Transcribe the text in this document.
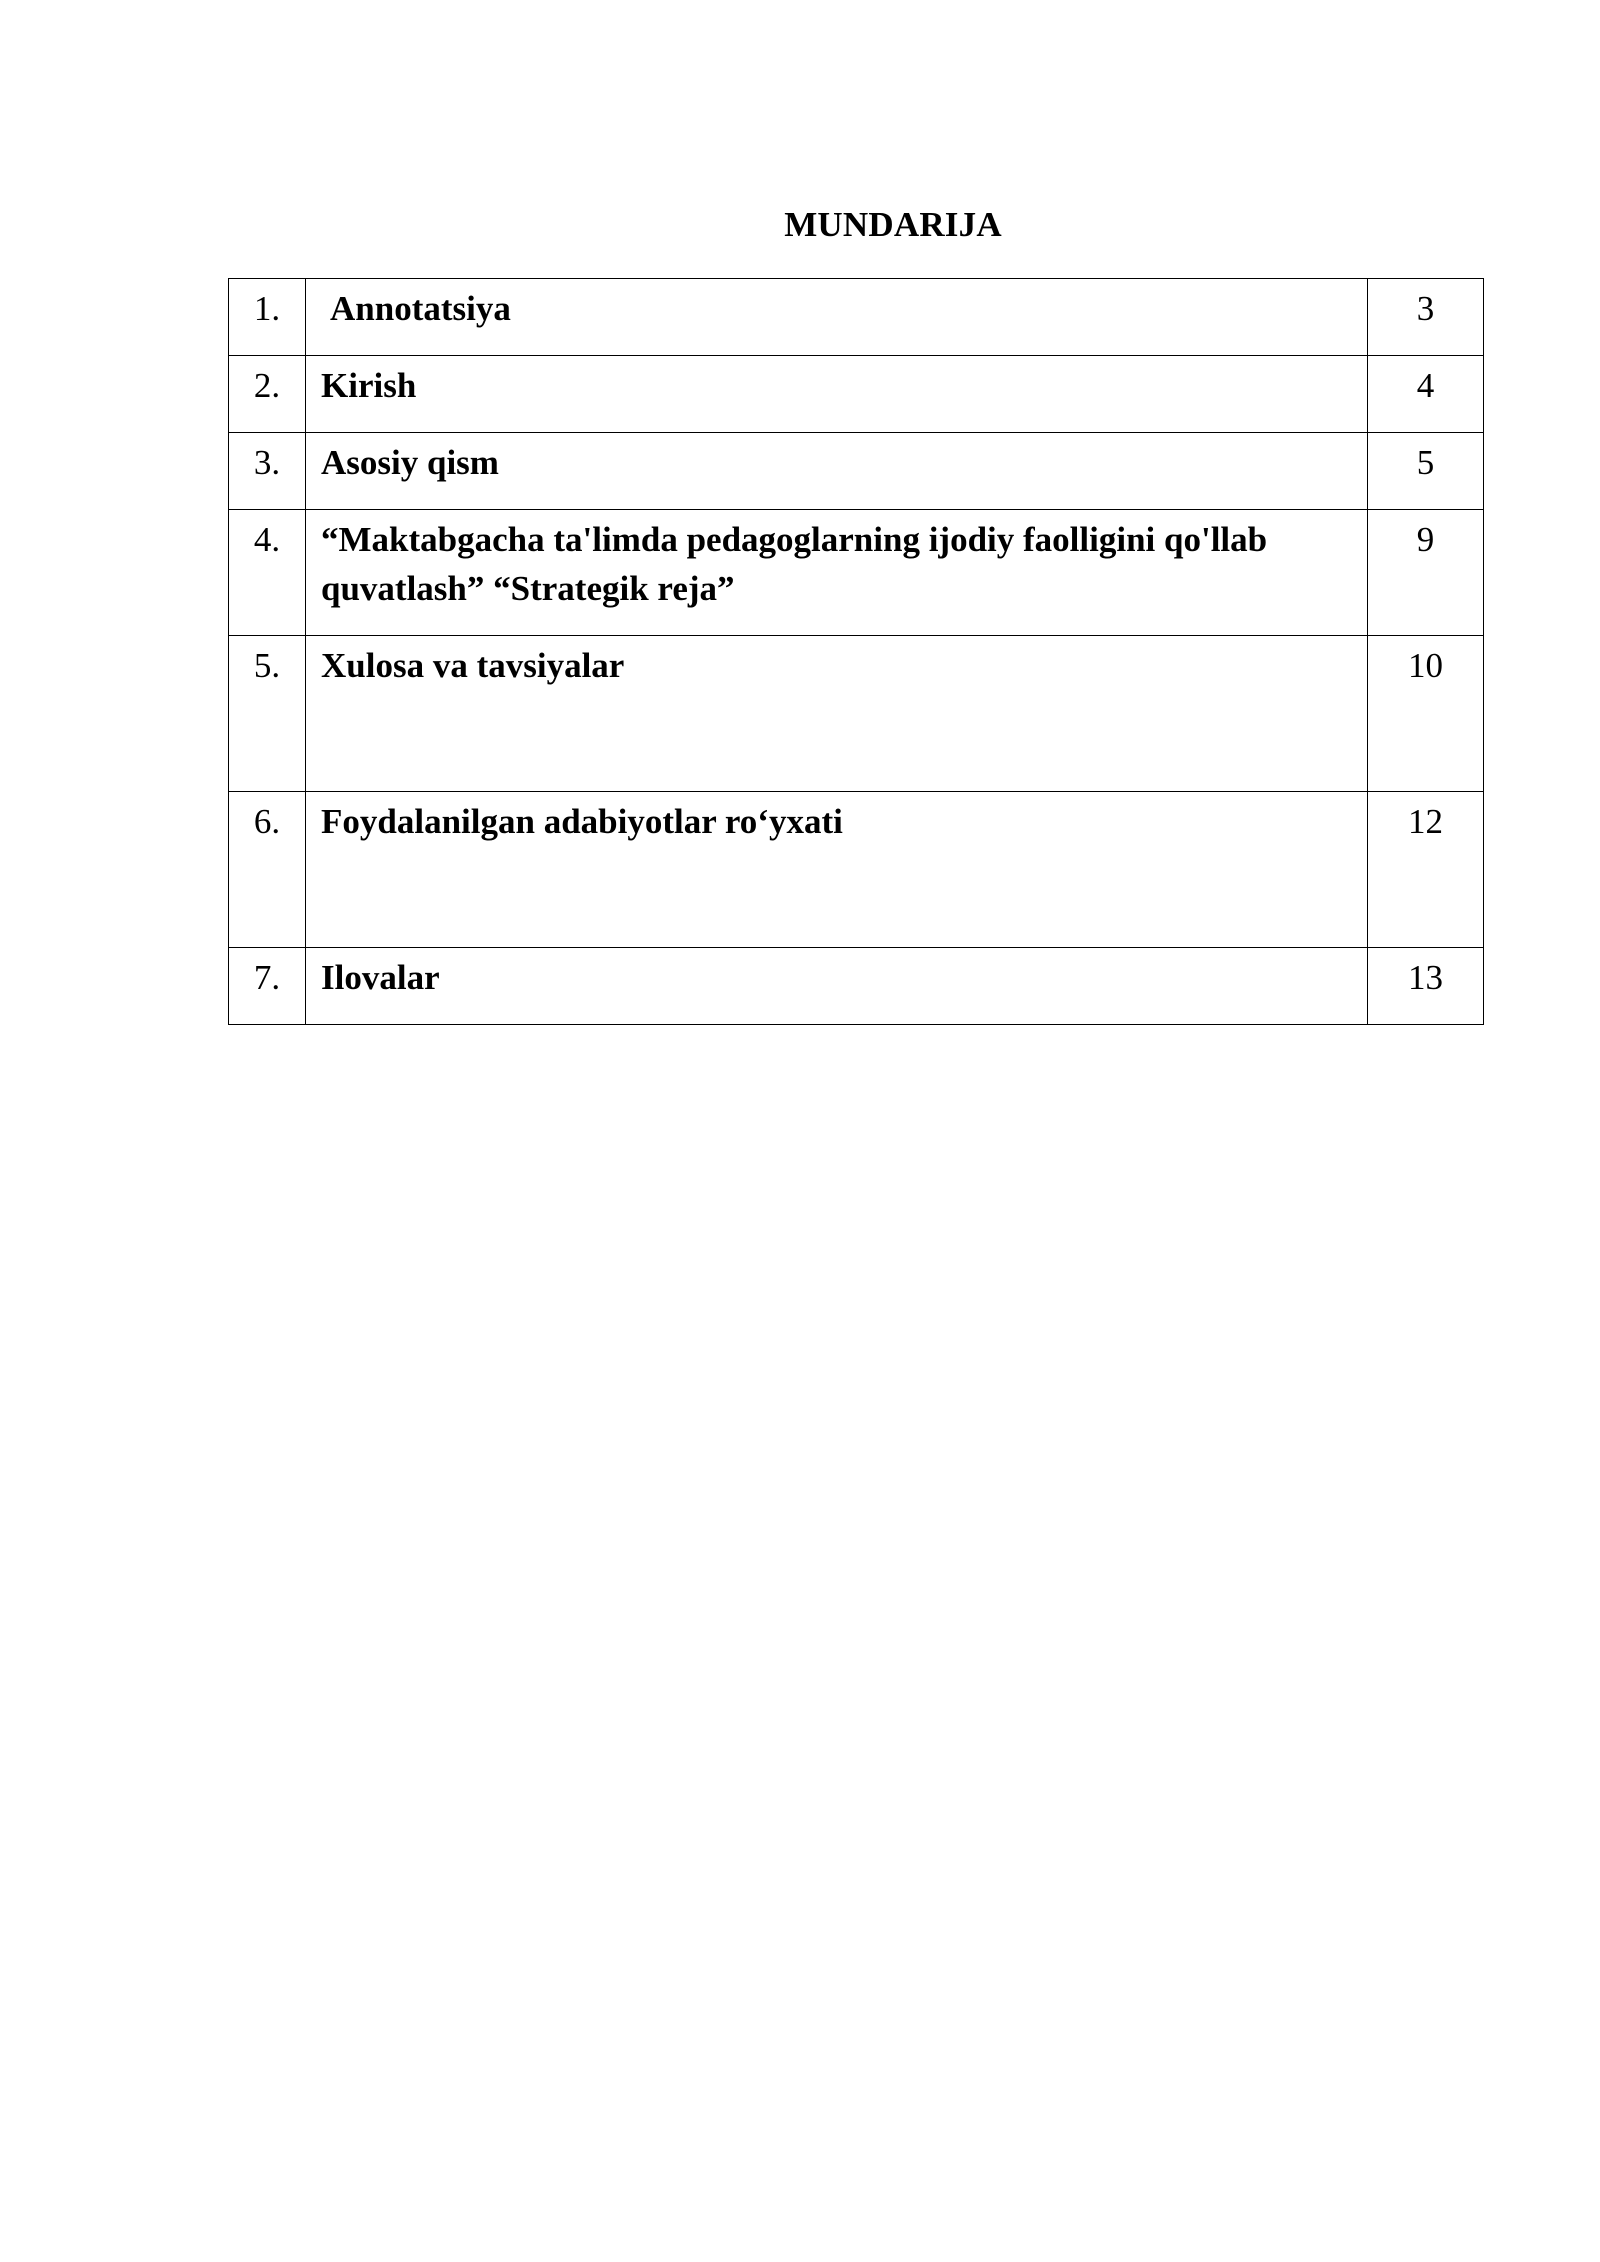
MUNDARIJA
1.	Annotatsiya	3
2.	Kirish	4
3.	Asosiy qism	5
4.	“Maktabgacha ta'limda pedagoglarning ijodiy faolligini qo'llab quvatlash” “Strategik reja”	9
5.	Xulosa va tavsiyalar	10
6.	Foydalanilgan adabiyotlar ro‘yxati	12
7.	Ilovalar	13
